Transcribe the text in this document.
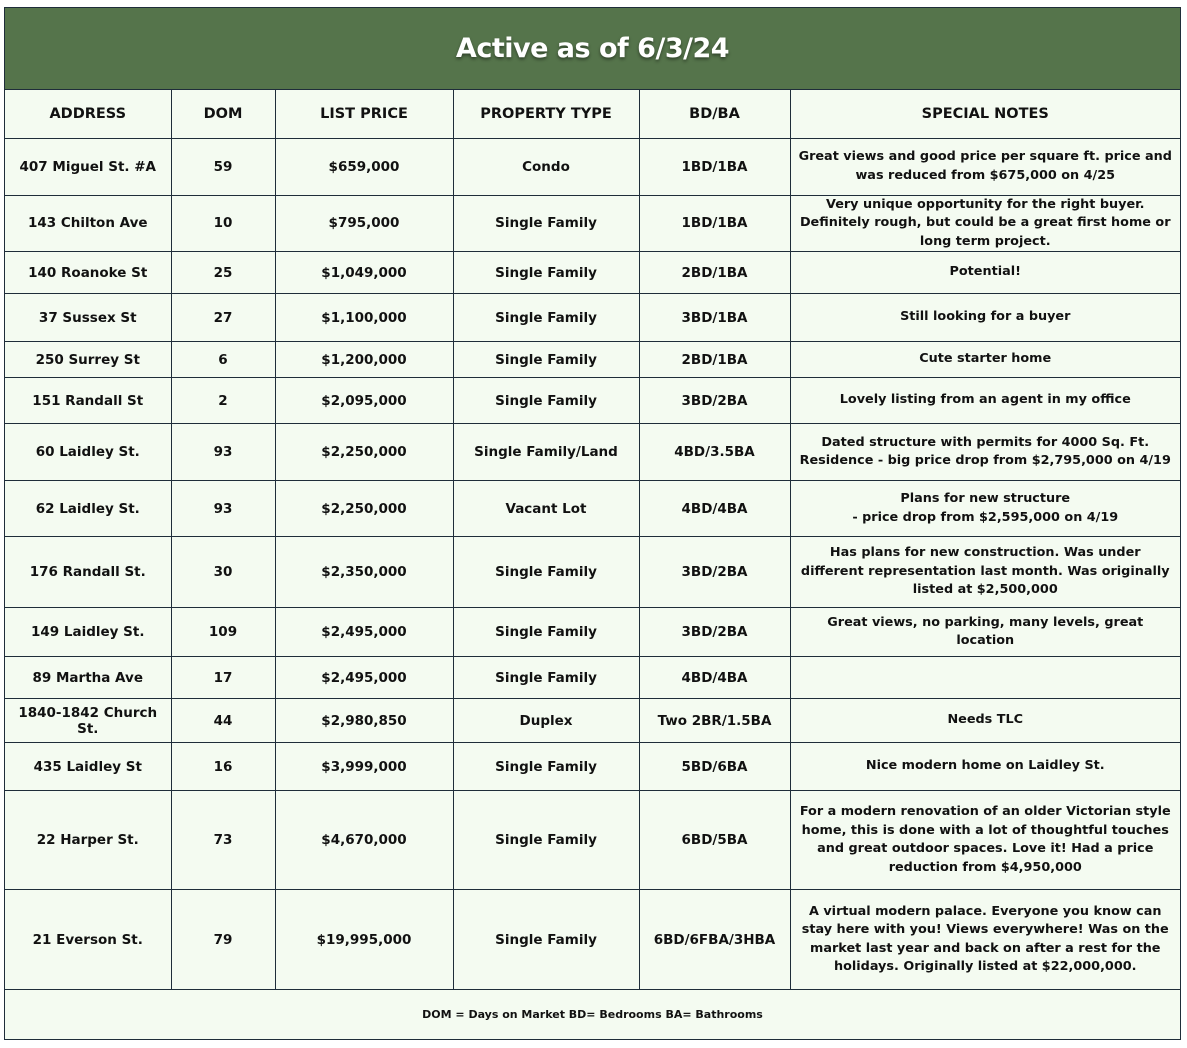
Active as of 6/3/24
ADDRESS	DOM	LIST PRICE	PROPERTY TYPE	BD/BA	SPECIAL NOTES
407 Miguel St. #A	59	$659,000	Condo	1BD/1BA	Great views and good price per square ft. price and was reduced from $675,000 on 4/25
143 Chilton Ave	10	$795,000	Single Family	1BD/1BA	Very unique opportunity for the right buyer. Definitely rough, but could be a great first home or long term project.
140 Roanoke St	25	$1,049,000	Single Family	2BD/1BA	Potential!
37 Sussex St	27	$1,100,000	Single Family	3BD/1BA	Still looking for a buyer
250 Surrey St	6	$1,200,000	Single Family	2BD/1BA	Cute starter home
151 Randall St	2	$2,095,000	Single Family	3BD/2BA	Lovely listing from an agent in my office
60 Laidley St.	93	$2,250,000	Single Family/Land	4BD/3.5BA	Dated structure with permits for 4000 Sq. Ft. Residence - big price drop from $2,795,000 on 4/19
62 Laidley St.	93	$2,250,000	Vacant Lot	4BD/4BA	Plans for new structure
- price drop from $2,595,000 on 4/19
176 Randall St.	30	$2,350,000	Single Family	3BD/2BA	Has plans for new construction. Was under different representation last month. Was originally listed at $2,500,000
149 Laidley St.	109	$2,495,000	Single Family	3BD/2BA	Great views, no parking, many levels, great location
89 Martha Ave	17	$2,495,000	Single Family	4BD/4BA	
1840-1842 Church St.	44	$2,980,850	Duplex	Two 2BR/1.5BA	Needs TLC
435 Laidley St	16	$3,999,000	Single Family	5BD/6BA	Nice modern home on Laidley St.
22 Harper St.	73	$4,670,000	Single Family	6BD/5BA	For a modern renovation of an older Victorian style home, this is done with a lot of thoughtful touches and great outdoor spaces. Love it! Had a price reduction from $4,950,000
21 Everson St.	79	$19,995,000	Single Family	6BD/6FBA/3HBA	A virtual modern palace. Everyone you know can stay here with you! Views everywhere! Was on the market last year and back on after a rest for the holidays. Originally listed at $22,000,000.
DOM = Days on Market BD= Bedrooms BA= Bathrooms					
